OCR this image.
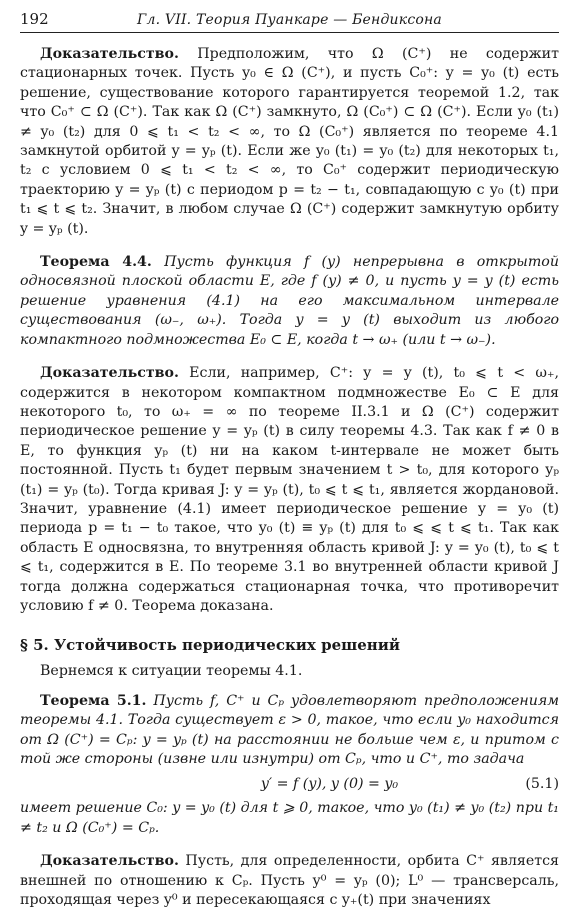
192	Гл. VII. Теория Пуанкаре — Бендиксона

Доказательство. Предположим, что Ω (C⁺) не содержит стационарных точек. Пусть y₀ ∈ Ω (C⁺), и пусть C₀⁺: y = y₀ (t) есть решение, существование которого гарантируется теоремой 1.2, так что C₀⁺ ⊂ Ω (C⁺). Так как Ω (C⁺) замкнуто, Ω (C₀⁺) ⊂ Ω (C⁺). Если y₀ (t₁) ≠ y₀ (t₂) для 0 ⩽ t₁ < t₂ < ∞, то Ω (C₀⁺) является по теореме 4.1 замкнутой орбитой y = yₚ (t). Если же y₀ (t₁) = y₀ (t₂) для некоторых t₁, t₂ с условием 0 ⩽ t₁ < t₂ < ∞, то C₀⁺ содержит периодическую траекторию y = yₚ (t) с периодом p = t₂ − t₁, совпадающую с y₀ (t) при t₁ ⩽ t ⩽ t₂. Значит, в любом случае Ω (C⁺) содержит замкнутую орбиту y = yₚ (t).

Теорема 4.4. Пусть функция f (y) непрерывна в открытой односвязной плоской области E, где f (y) ≠ 0, и пусть y = y (t) есть решение уравнения (4.1) на его максимальном интервале существования (ω₋, ω₊). Тогда y = y (t) выходит из любого компактного подмножества E₀ ⊂ E, когда t → ω₊ (или t → ω₋).

Доказательство. Если, например, C⁺: y = y (t), t₀ ⩽ t < ω₊, содержится в некотором компактном подмножестве E₀ ⊂ E для некоторого t₀, то ω₊ = ∞ по теореме II.3.1 и Ω (C⁺) содержит периодическое решение y = yₚ (t) в силу теоремы 4.3. Так как f ≠ 0 в E, то функция yₚ (t) ни на каком t-интервале не может быть постоянной. Пусть t₁ будет первым значением t > t₀, для которого yₚ (t₁) = yₚ (t₀). Тогда кривая J: y = yₚ (t), t₀ ⩽ t ⩽ t₁, является жордановой. Значит, уравнение (4.1) имеет периодическое решение y = y₀ (t) периода p = t₁ − t₀ такое, что y₀ (t) ≡ yₚ (t) для t₀ ⩽ ⩽ t ⩽ t₁. Так как область E односвязна, то внутренняя область кривой J: y = y₀ (t), t₀ ⩽ t ⩽ t₁, содержится в E. По теореме 3.1 во внутренней области кривой J тогда должна содержаться стационарная точка, что противоречит условию f ≠ 0. Теорема доказана.

§ 5. Устойчивость периодических решений

Вернемся к ситуации теоремы 4.1.

Теорема 5.1. Пусть f, C⁺ и Cₚ удовлетворяют предположениям теоремы 4.1. Тогда существует ε > 0, такое, что если y₀ находится от Ω (C⁺) = Cₚ: y = yₚ (t) на расстоянии не больше чем ε, и притом с той же стороны (извне или изнутри) от Cₚ, что и C⁺, то задача

y′ = f (y), y (0) = y₀	(5.1)

имеет решение C₀: y = y₀ (t) для t ⩾ 0, такое, что y₀ (t₁) ≠ y₀ (t₂) при t₁ ≠ t₂ и Ω (C₀⁺) = Cₚ.

Доказательство. Пусть, для определенности, орбита C⁺ является внешней по отношению к Cₚ. Пусть y⁰ = yₚ (0); L⁰ — трансверсаль, проходящая через y⁰ и пересекающаяся с y₊(t) при значениях
